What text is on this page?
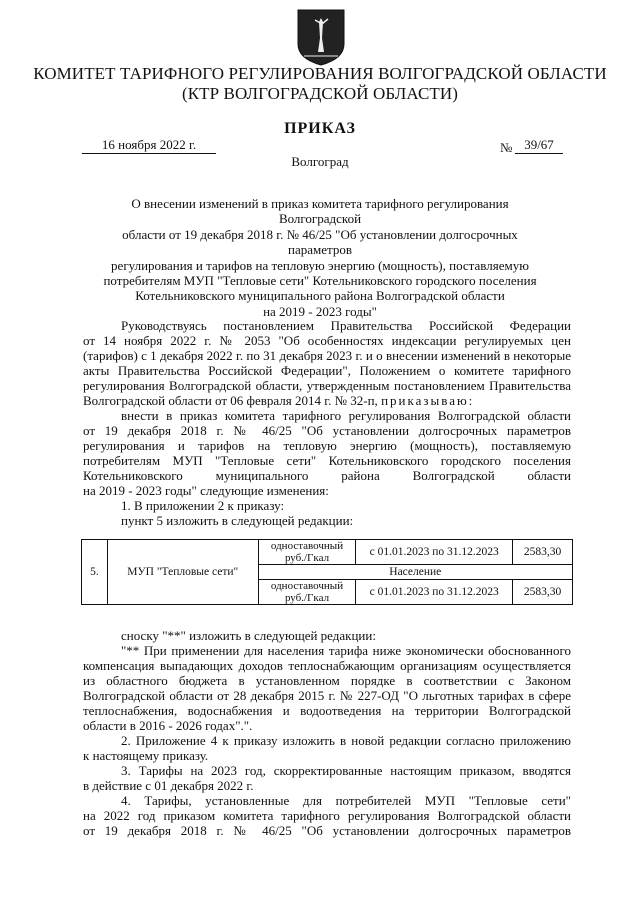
КОМИТЕТ ТАРИФНОГО РЕГУЛИРОВАНИЯ ВОЛГОГРАДСКОЙ ОБЛАСТИ
(КТР ВОЛГОГРАДСКОЙ ОБЛАСТИ)
ПРИКАЗ
16 ноября 2022 г.	№ 39/67
Волгоград
О внесении изменений в приказ комитета тарифного регулирования Волгоградской
области от 19 декабря 2018 г. № 46/25 "Об установлении долгосрочных параметров
регулирования и тарифов на тепловую энергию (мощность), поставляемую
потребителям МУП "Тепловые сети" Котельниковского городского поселения
Котельниковского муниципального района Волгоградской области
на 2019 - 2023 годы"
Руководствуясь постановлением Правительства Российской Федерации
от 14 ноября 2022 г. № 2053 "Об особенностях индексации регулируемых цен
(тарифов) с 1 декабря 2022 г. по 31 декабря 2023 г. и о внесении изменений в некоторые
акты Правительства Российской Федерации", Положением о комитете тарифного
регулирования Волгоградской области, утвержденным постановлением Правительства
Волгоградской области от 06 февраля 2014 г. № 32-п, приказываю:
внести в приказ комитета тарифного регулирования Волгоградской области
от 19 декабря 2018 г. № 46/25 "Об установлении долгосрочных параметров
регулирования и тарифов на тепловую энергию (мощность), поставляемую
потребителям МУП "Тепловые сети" Котельниковского городского поселения
Котельниковского муниципального района Волгоградской области
на 2019 - 2023 годы" следующие изменения:
1. В приложении 2 к приказу:
пункт 5 изложить в следующей редакции:
5.	МУП "Тепловые сети"	одноставочный руб./Гкал	с 01.01.2023 по 31.12.2023	2583,30
		Население		
		одноставочный руб./Гкал	с 01.01.2023 по 31.12.2023	2583,30
сноску "**" изложить в следующей редакции:
"** При применении для населения тарифа ниже экономически обоснованного
компенсация выпадающих доходов теплоснабжающим организациям осуществляется
из областного бюджета в установленном порядке в соответствии с Законом
Волгоградской области от 28 декабря 2015 г. № 227-ОД "О льготных тарифах в сфере
теплоснабжения, водоснабжения и водоотведения на территории Волгоградской
области в 2016 - 2026 годах".".
2. Приложение 4 к приказу изложить в новой редакции согласно приложению
к настоящему приказу.
3. Тарифы на 2023 год, скорректированные настоящим приказом, вводятся
в действие с 01 декабря 2022 г.
4. Тарифы, установленные для потребителей МУП "Тепловые сети"
на 2022 год приказом комитета тарифного регулирования Волгоградской области
от 19 декабря 2018 г. № 46/25 "Об установлении долгосрочных параметров
